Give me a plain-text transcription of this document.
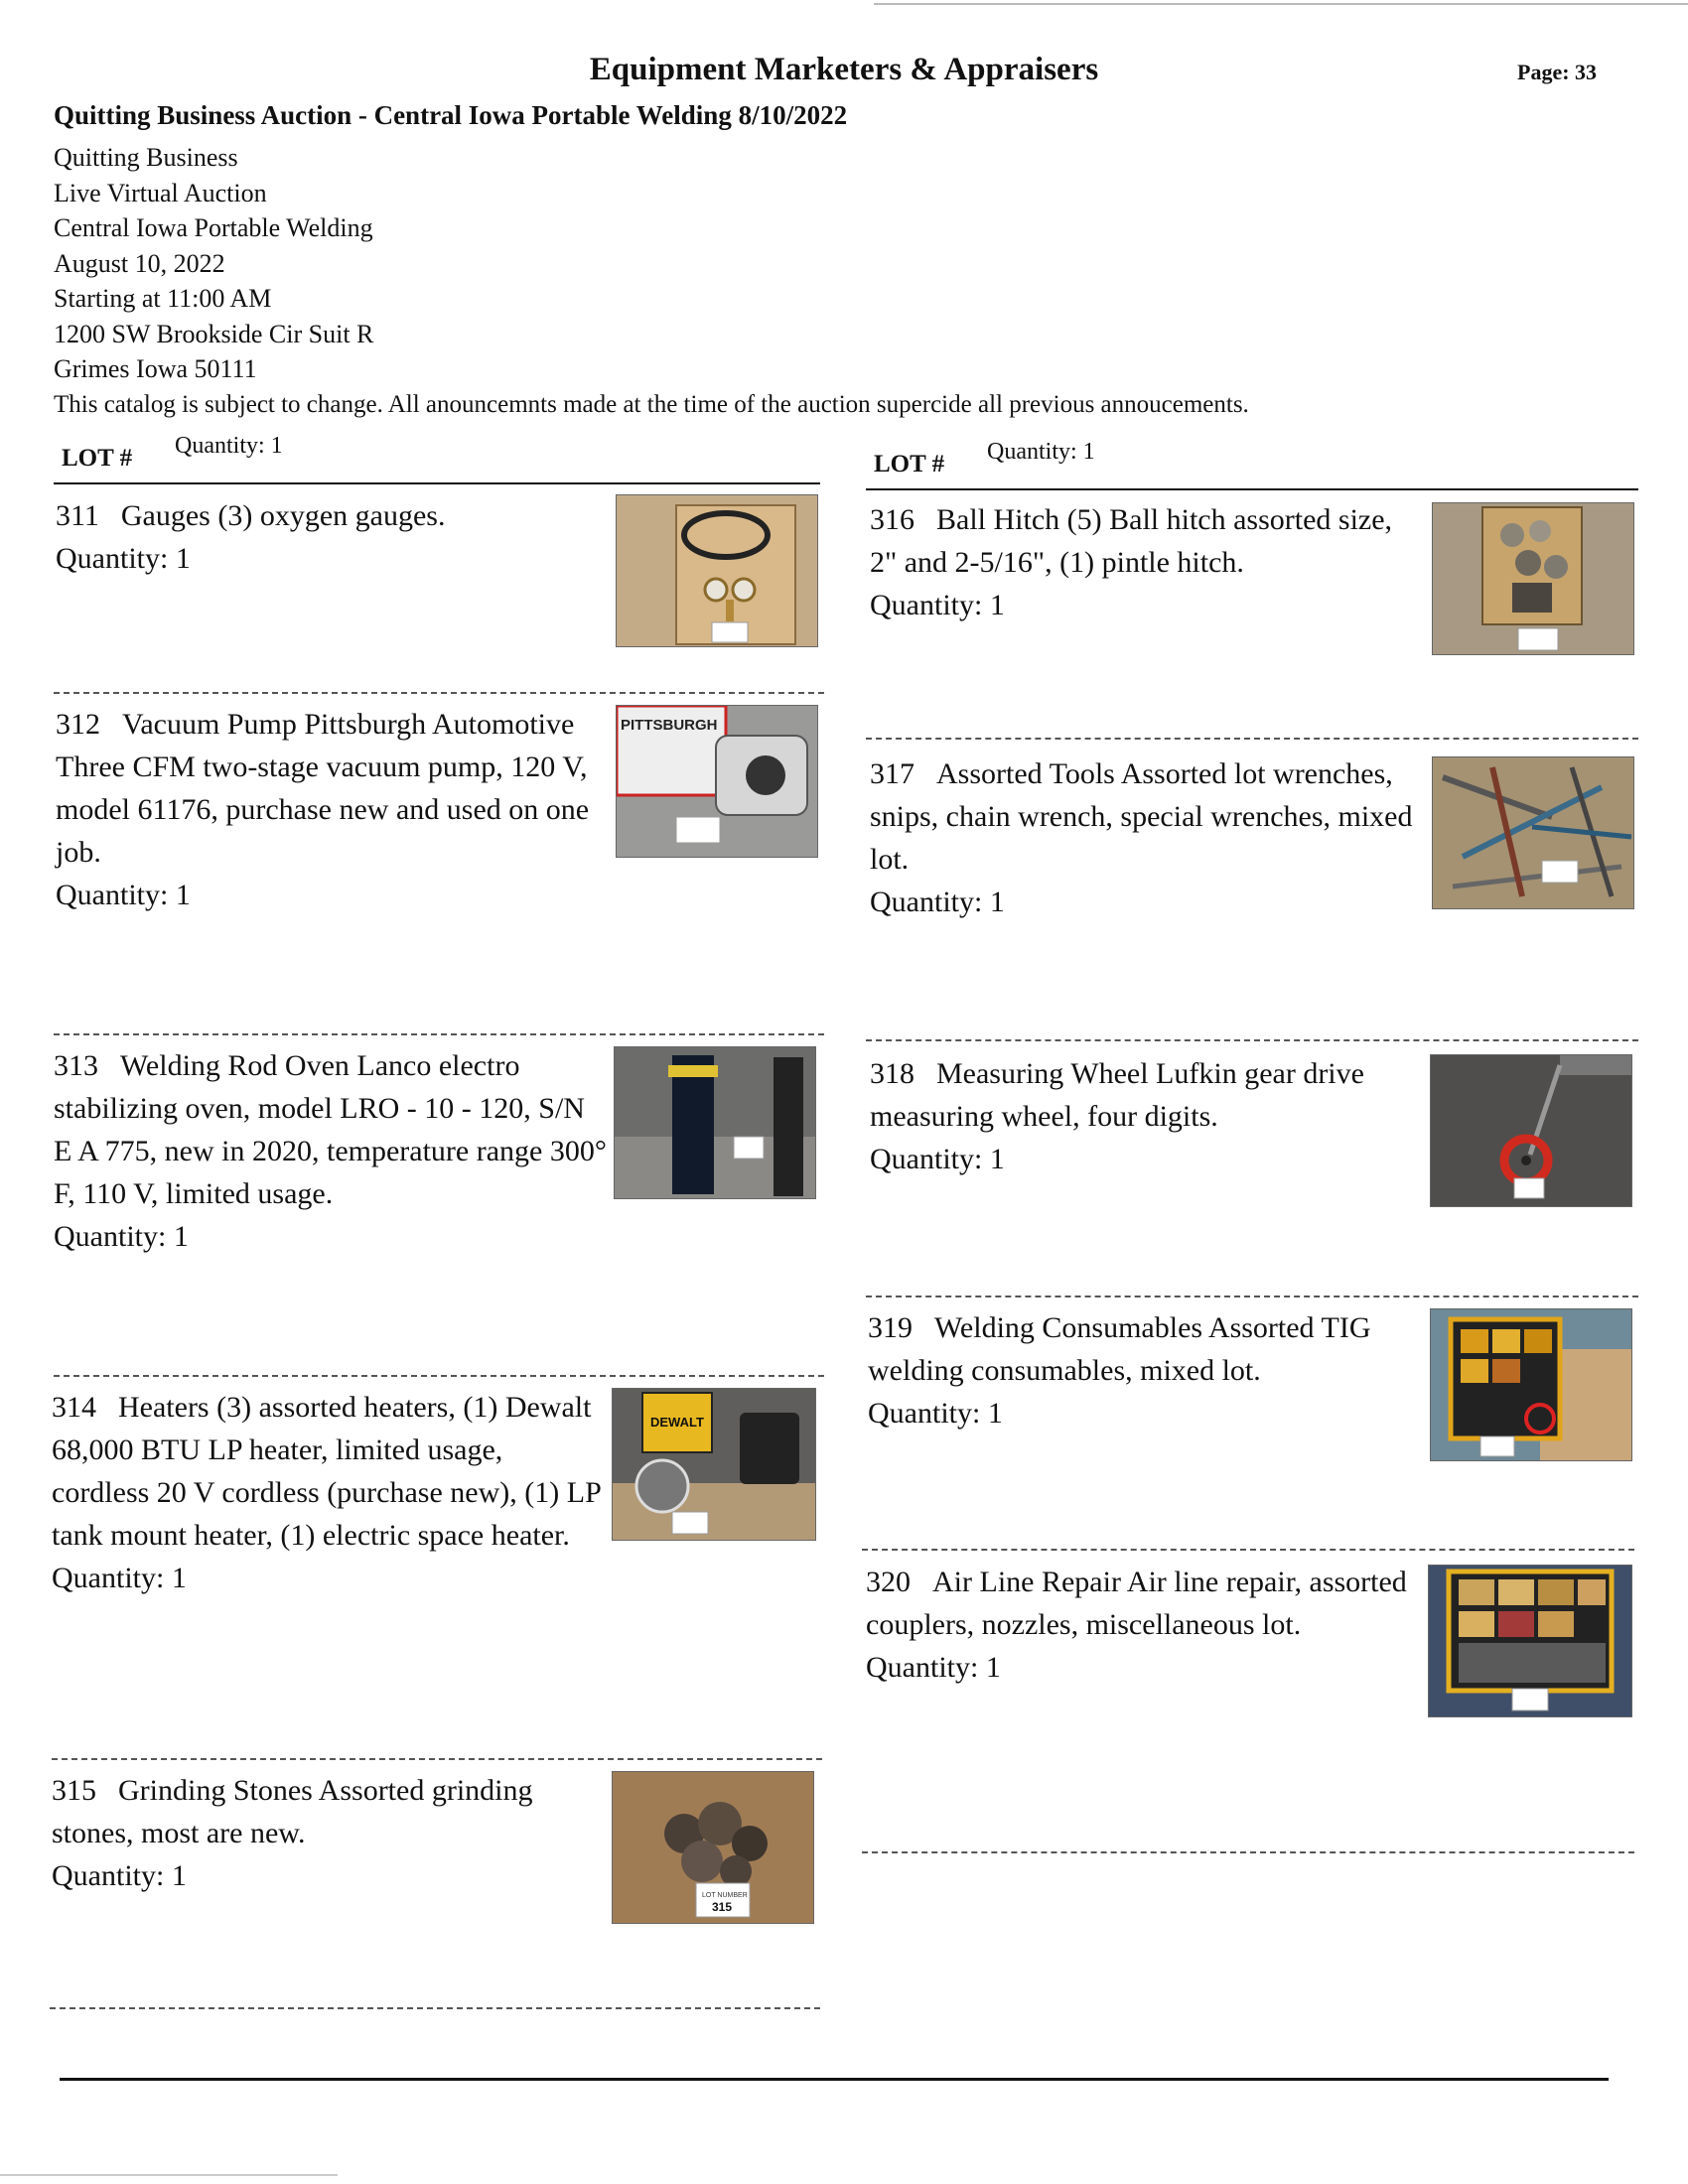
Equipment Marketers & Appraisers	Page: 33
Quitting Business Auction - Central Iowa Portable Welding 8/10/2022
Quitting Business
Live Virtual Auction
Central Iowa Portable Welding
August 10, 2022
Starting at 11:00 AM
1200 SW Brookside Cir Suit R
Grimes Iowa 50111
This catalog is subject to change. All anouncemnts made at the time of the auction supercide all previous annoucements.
LOT # Quantity: 1
LOT # Quantity: 1
311 Gauges (3) oxygen gauges.
Quantity: 1
312 Vacuum Pump Pittsburgh Automotive Three CFM two-stage vacuum pump, 120 V, model 61176, purchase new and used on one job.
Quantity: 1
PITTSBURGH
313 Welding Rod Oven Lanco electro stabilizing oven, model LRO - 10 - 120, S/N E A 775, new in 2020, temperature range 300° F, 110 V, limited usage.
Quantity: 1
314 Heaters (3) assorted heaters, (1) Dewalt 68,000 BTU LP heater, limited usage, cordless 20 V cordless (purchase new), (1) LP tank mount heater, (1) electric space heater.
Quantity: 1
DEWALT
315 Grinding Stones Assorted grinding stones, most are new.
Quantity: 1
LOT NUMBER
315
316 Ball Hitch (5) Ball hitch assorted size, 2" and 2-5/16", (1) pintle hitch.
Quantity: 1
317 Assorted Tools Assorted lot wrenches, snips, chain wrench, special wrenches, mixed lot.
Quantity: 1
318 Measuring Wheel Lufkin gear drive measuring wheel, four digits.
Quantity: 1
319 Welding Consumables Assorted TIG welding consumables, mixed lot.
Quantity: 1
320 Air Line Repair Air line repair, assorted couplers, nozzles, miscellaneous lot.
Quantity: 1
